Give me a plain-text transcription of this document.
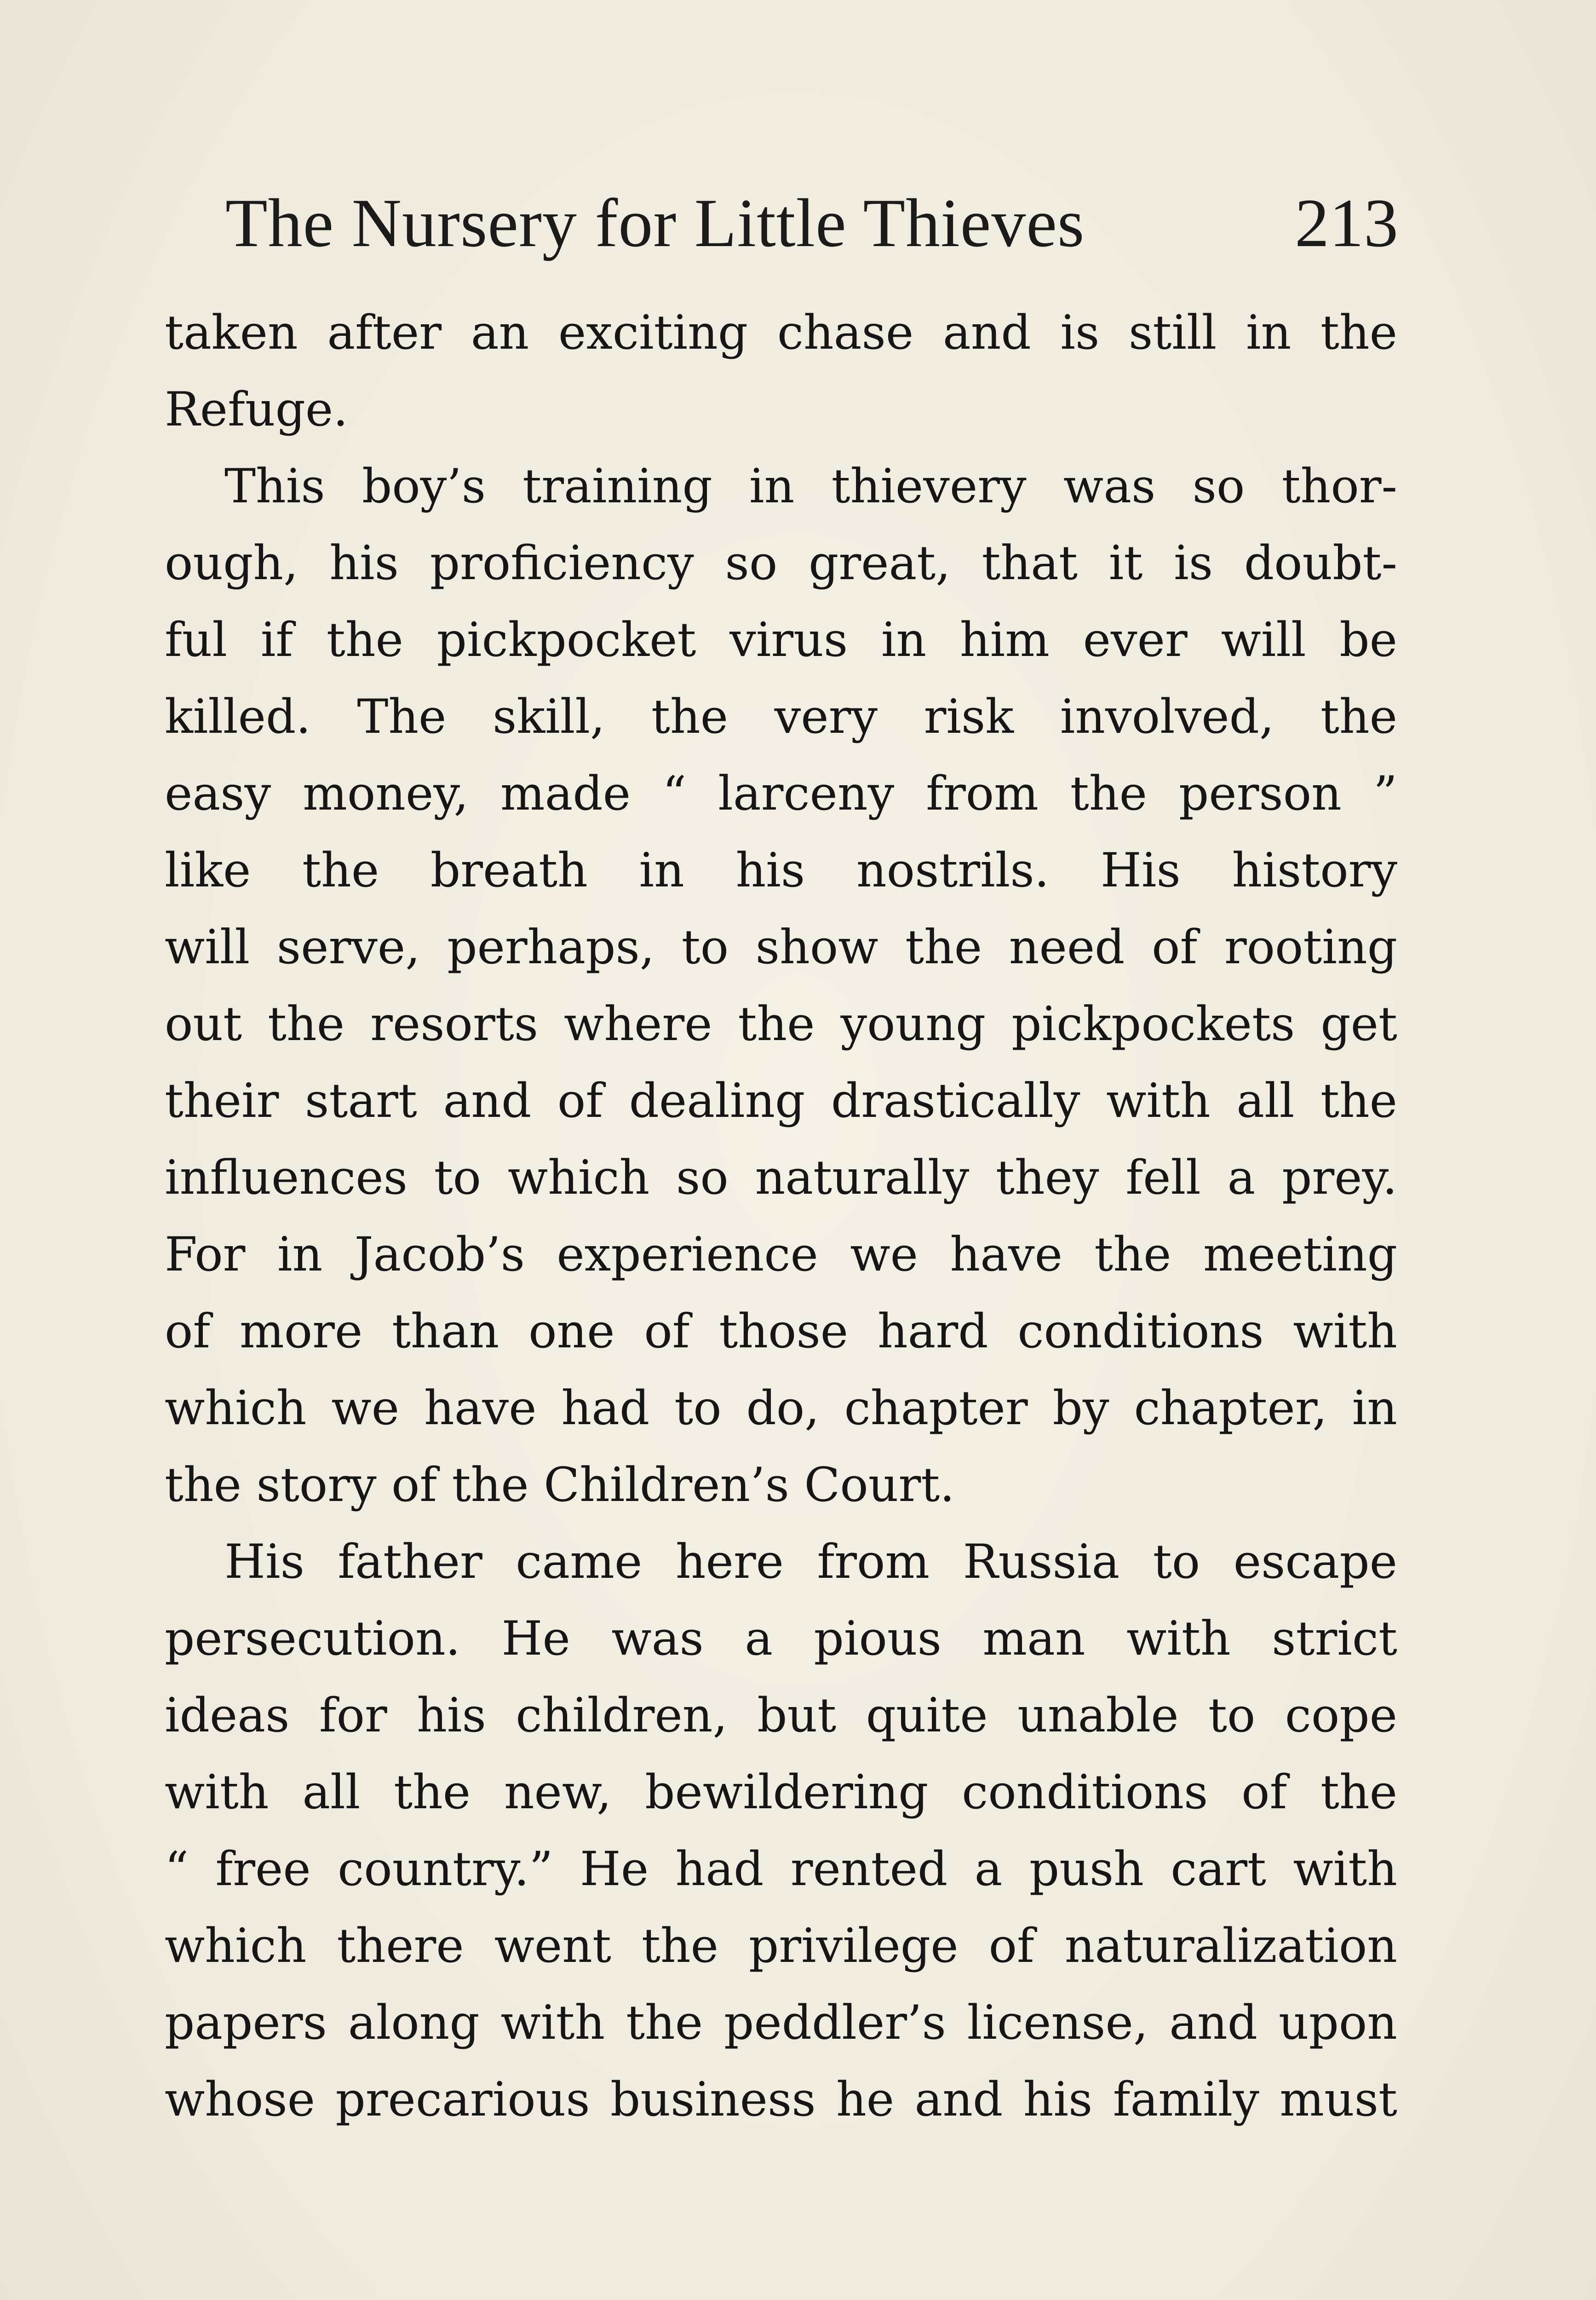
The Nursery for Little Thieves	213
taken after an exciting chase and is still in the
Refuge.
This boy’s training in thievery was so thor-
ough, his proficiency so great, that it is doubt-
ful if the pickpocket virus in him ever will be
killed. The skill, the very risk involved, the
easy money, made “ larceny from the person ”
like the breath in his nostrils. His history
will serve, perhaps, to show the need of rooting
out the resorts where the young pickpockets get
their start and of dealing drastically with all the
influences to which so naturally they fell a prey.
For in Jacob’s experience we have the meeting
of more than one of those hard conditions with
which we have had to do, chapter by chapter, in
the story of the Children’s Court.
His father came here from Russia to escape
persecution. He was a pious man with strict
ideas for his children, but quite unable to cope
with all the new, bewildering conditions of the
“ free country.” He had rented a push cart with
which there went the privilege of naturalization
papers along with the peddler’s license, and upon
whose precarious business he and his family must
